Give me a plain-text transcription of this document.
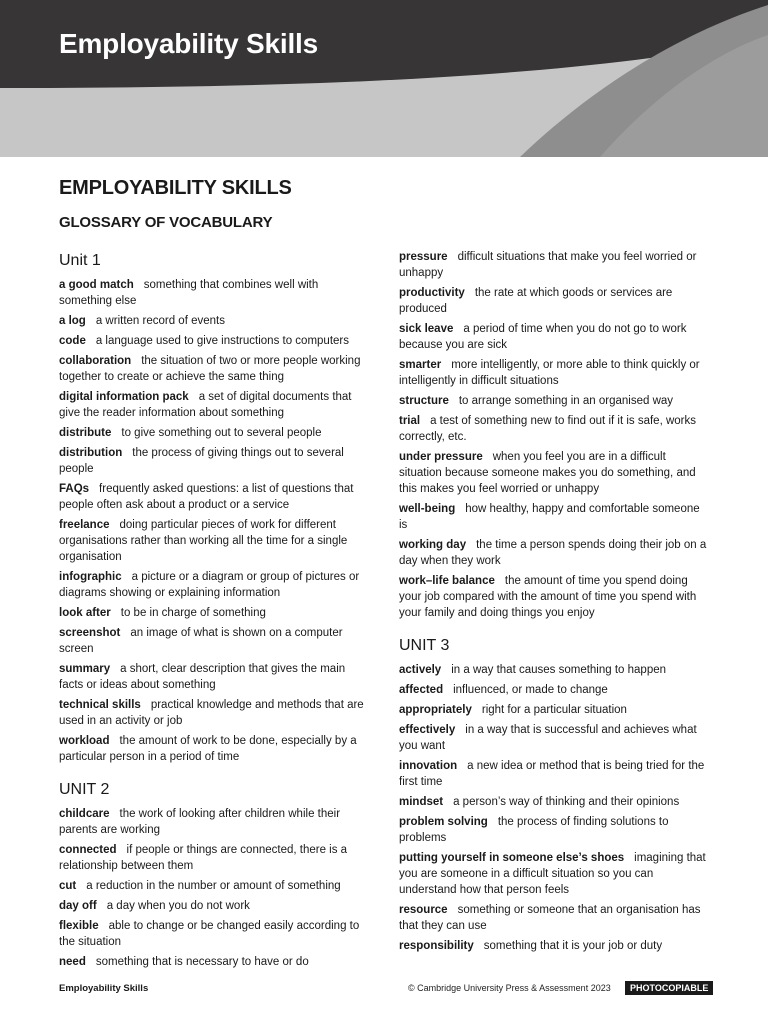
Employability Skills
EMPLOYABILITY SKILLS
GLOSSARY OF VOCABULARY
Unit 1
a good match something that combines well with something else
a log a written record of events
code a language used to give instructions to computers
collaboration the situation of two or more people working together to create or achieve the same thing
digital information pack a set of digital documents that give the reader information about something
distribute to give something out to several people
distribution the process of giving things out to several people
FAQs frequently asked questions: a list of questions that people often ask about a product or a service
freelance doing particular pieces of work for different organisations rather than working all the time for a single organisation
infographic a picture or a diagram or group of pictures or diagrams showing or explaining information
look after to be in charge of something
screenshot an image of what is shown on a computer screen
summary a short, clear description that gives the main facts or ideas about something
technical skills practical knowledge and methods that are used in an activity or job
workload the amount of work to be done, especially by a particular person in a period of time
UNIT 2
childcare the work of looking after children while their parents are working
connected if people or things are connected, there is a relationship between them
cut a reduction in the number or amount of something
day off a day when you do not work
flexible able to change or be changed easily according to the situation
need something that is necessary to have or do
pressure difficult situations that make you feel worried or unhappy
productivity the rate at which goods or services are produced
sick leave a period of time when you do not go to work because you are sick
smarter more intelligently, or more able to think quickly or intelligently in difficult situations
structure to arrange something in an organised way
trial a test of something new to find out if it is safe, works correctly, etc.
under pressure when you feel you are in a difficult situation because someone makes you do something, and this makes you feel worried or unhappy
well-being how healthy, happy and comfortable someone is
working day the time a person spends doing their job on a day when they work
work–life balance the amount of time you spend doing your job compared with the amount of time you spend with your family and doing things you enjoy
UNIT 3
actively in a way that causes something to happen
affected influenced, or made to change
appropriately right for a particular situation
effectively in a way that is successful and achieves what you want
innovation a new idea or method that is being tried for the first time
mindset a person’s way of thinking and their opinions
problem solving the process of finding solutions to problems
putting yourself in someone else’s shoes imagining that you are someone in a difficult situation so you can understand how that person feels
resource something or someone that an organisation has that they can use
responsibility something that it is your job or duty
Employability Skills	© Cambridge University Press & Assessment 2023	PHOTOCOPIABLE
